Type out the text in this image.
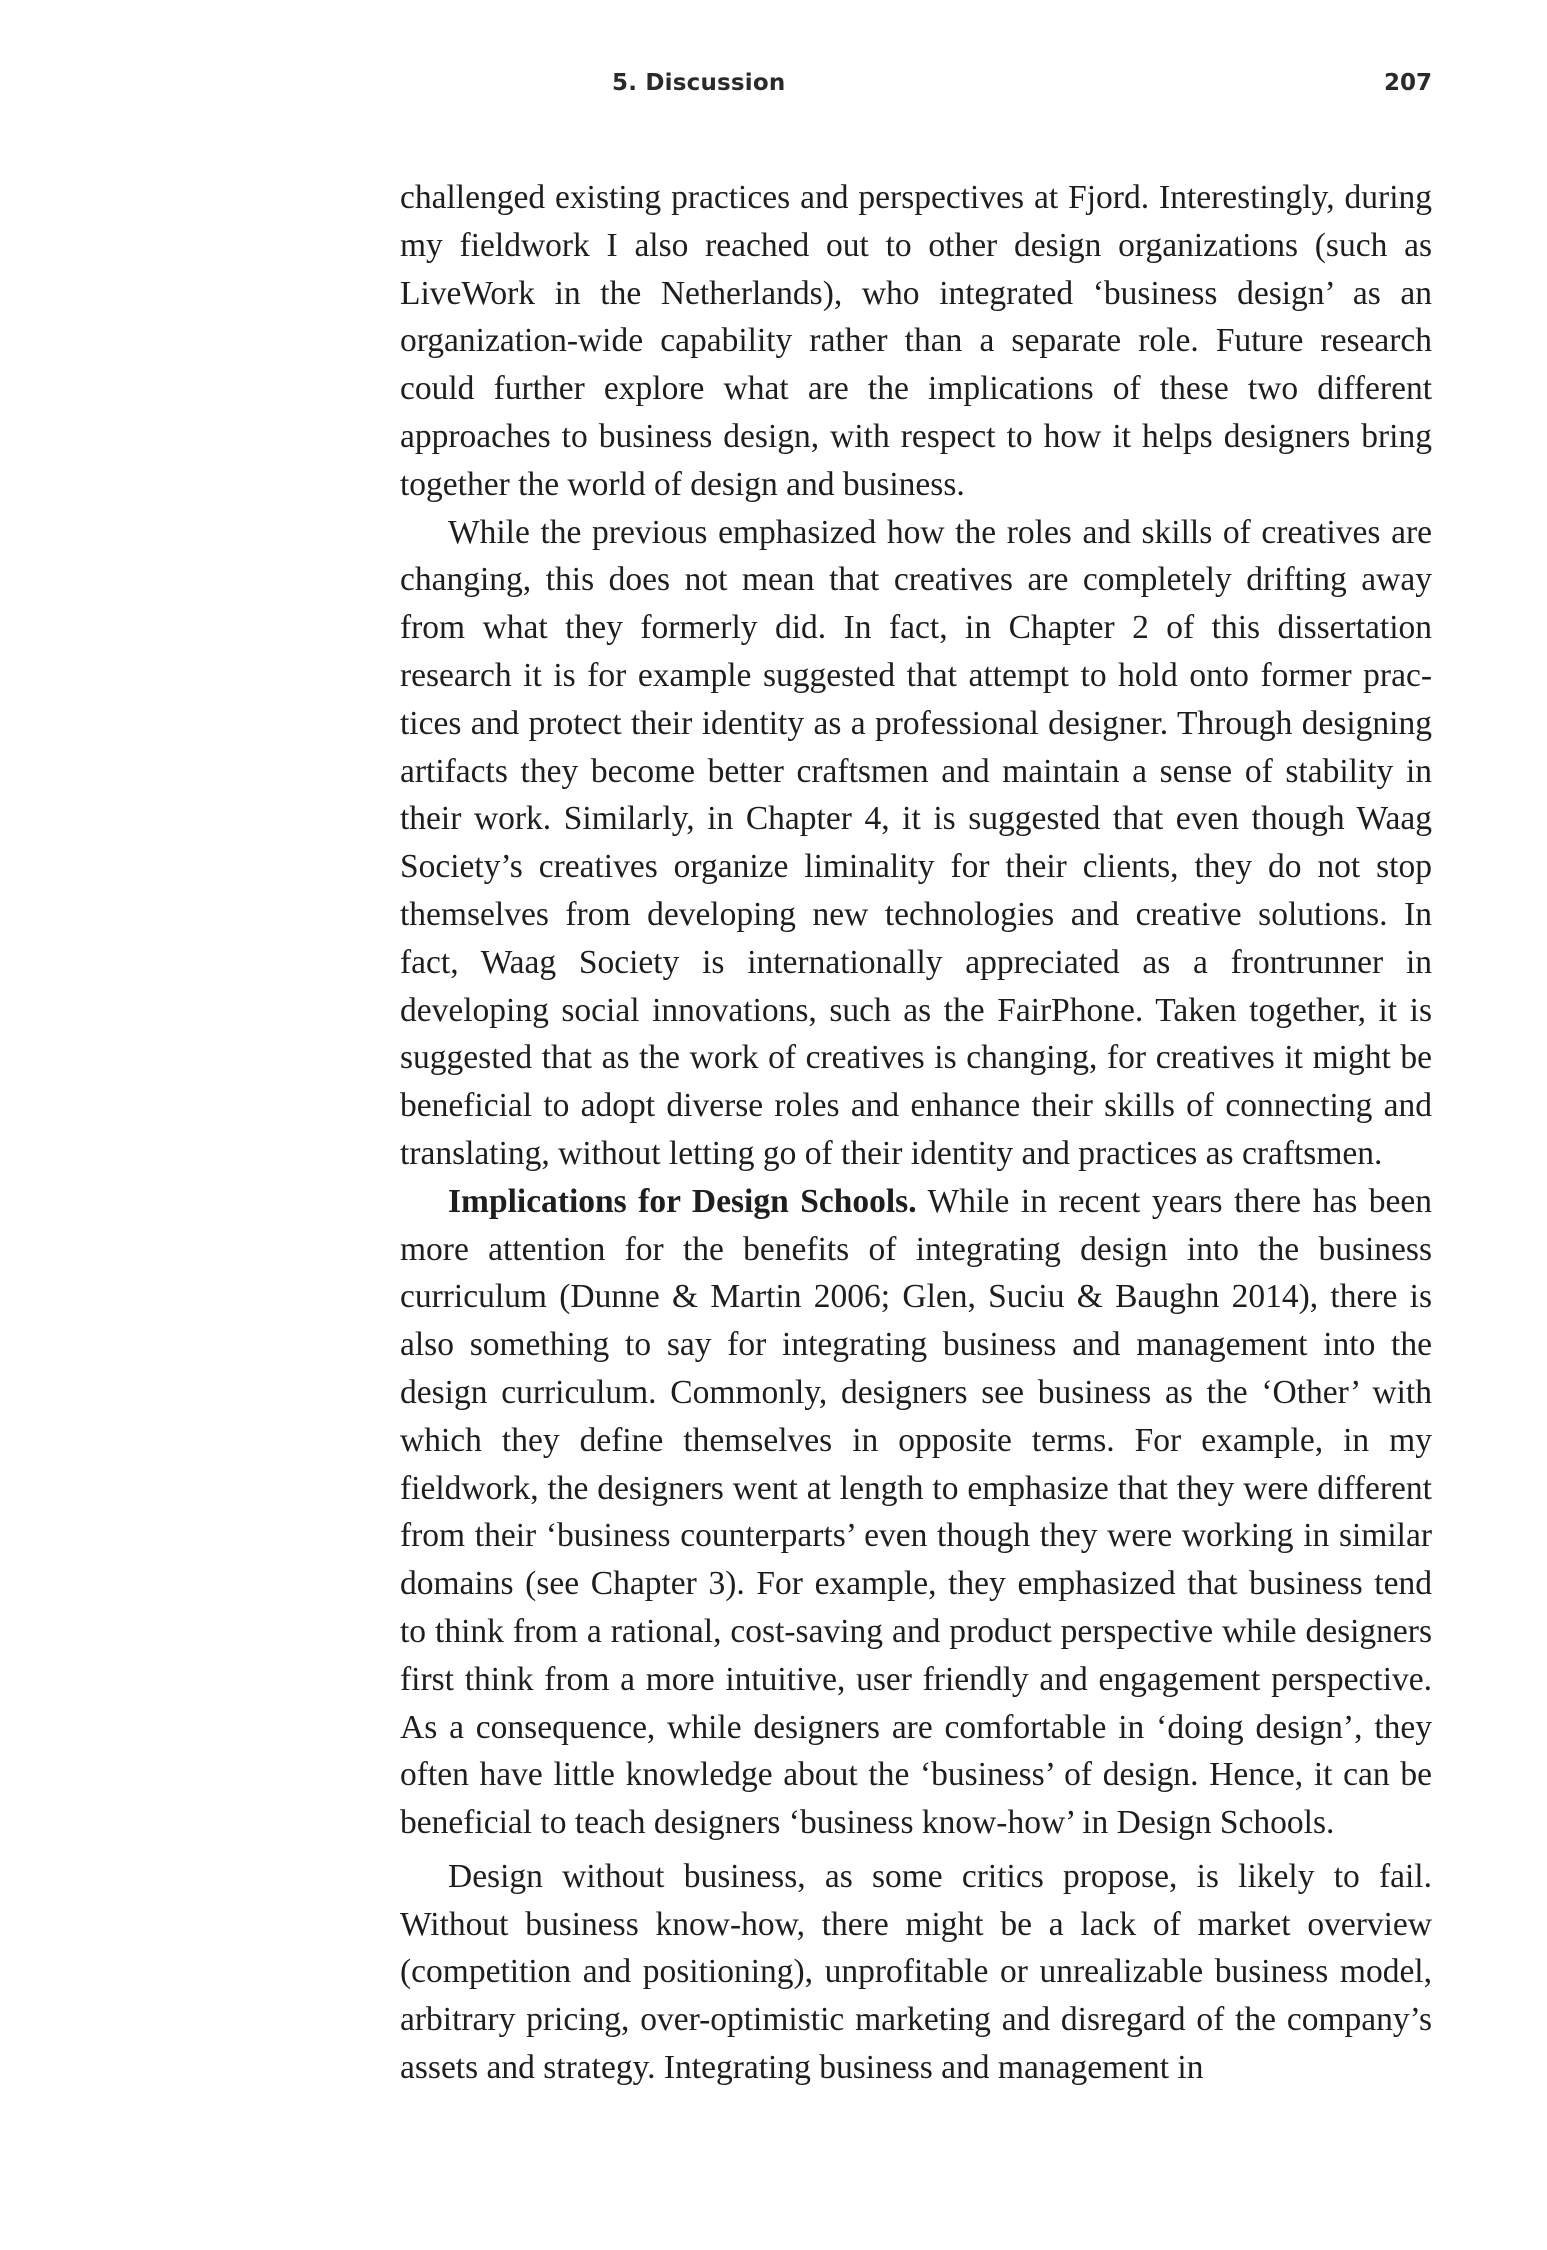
5. Discussion	207

challenged existing practices and perspectives at Fjord. Interestingly, during my fieldwork I also reached out to other design organizations (such as LiveWork in the Netherlands), who integrated ‘business design’ as an organization-wide capability rather than a separate role. Future research could further explore what are the implications of these two different approaches to business design, with respect to how it helps designers bring together the world of design and business.

While the previous emphasized how the roles and skills of creatives are changing, this does not mean that creatives are completely drifting away from what they formerly did. In fact, in Chapter 2 of this dissertation research it is for example suggested that attempt to hold onto former practices and protect their identity as a professional designer. Through designing artifacts they become better craftsmen and maintain a sense of stability in their work. Similarly, in Chapter 4, it is suggested that even though Waag Society’s creatives organize liminality for their clients, they do not stop themselves from developing new technologies and creative solutions. In fact, Waag Society is internationally appreciated as a frontrunner in developing social innovations, such as the FairPhone. Taken together, it is suggested that as the work of creatives is changing, for creatives it might be beneficial to adopt diverse roles and enhance their skills of connecting and translating, without letting go of their identity and practices as craftsmen.

Implications for Design Schools. While in recent years there has been more attention for the benefits of integrating design into the business curriculum (Dunne & Martin 2006; Glen, Suciu & Baughn 2014), there is also something to say for integrating business and management into the design curriculum. Commonly, designers see business as the ‘Other’ with which they define themselves in opposite terms. For example, in my fieldwork, the designers went at length to emphasize that they were different from their ‘business counterparts’ even though they were working in similar domains (see Chapter 3). For example, they emphasized that business tend to think from a rational, cost-saving and product perspective while designers first think from a more intuitive, user friendly and engagement perspective. As a consequence, while designers are comfortable in ‘doing design’, they often have little knowledge about the ‘business’ of design. Hence, it can be beneficial to teach designers ‘business know-how’ in Design Schools.

Design without business, as some critics propose, is likely to fail. Without business know-how, there might be a lack of market overview (competition and positioning), unprofitable or unrealizable business model, arbitrary pricing, over-optimistic marketing and disregard of the company’s assets and strategy. Integrating business and management in
